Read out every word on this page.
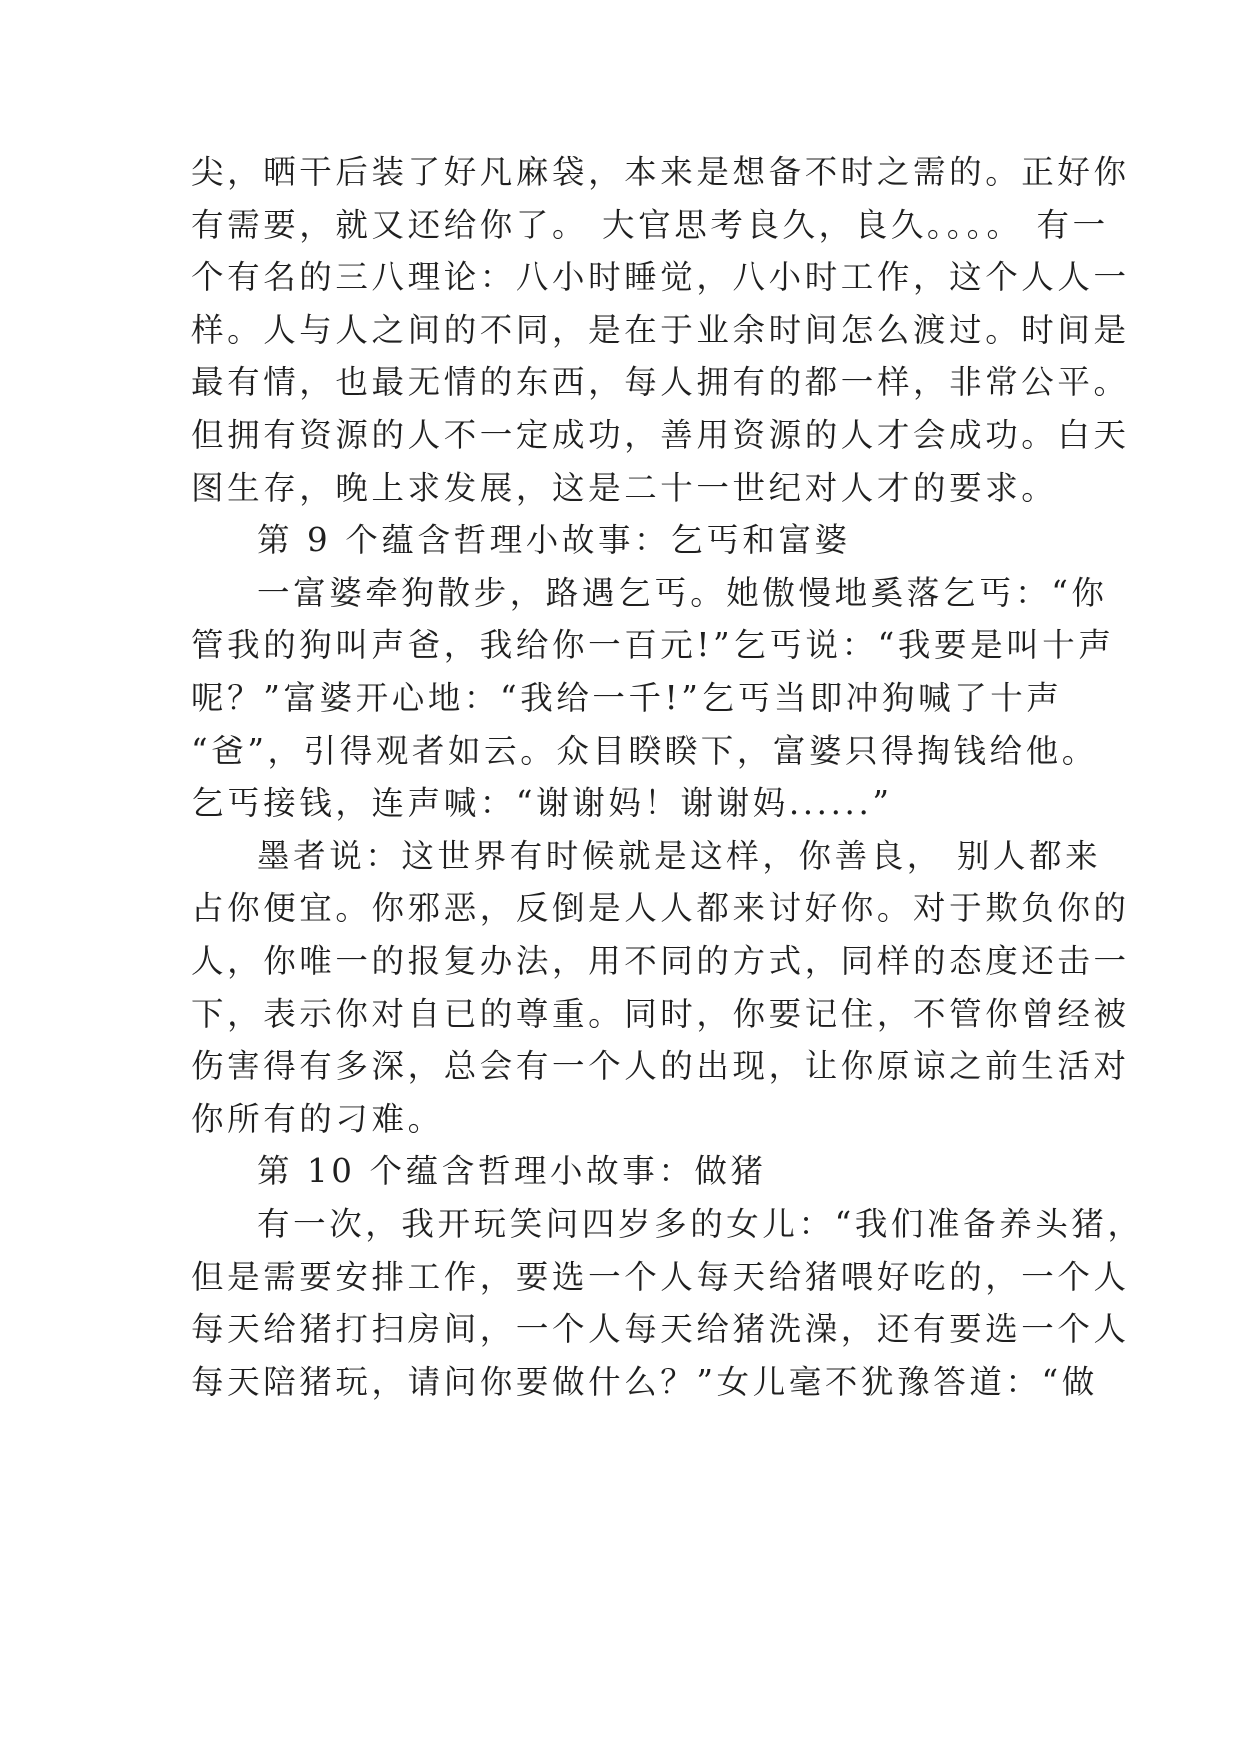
尖，晒干后装了好凡麻袋，本来是想备不时之需的。正好你
有需要，就又还给你了。 大官思考良久，良久。。。。 有一
个有名的三八理论：八小时睡觉，八小时工作，这个人人一
样。人与人之间的不同，是在于业余时间怎么渡过。时间是
最有情，也最无情的东西，每人拥有的都一样，非常公平。
但拥有资源的人不一定成功，善用资源的人才会成功。白天
图生存，晚上求发展，这是二十一世纪对人才的要求。
第 9 个蕴含哲理小故事：乞丐和富婆
一富婆牵狗散步，路遇乞丐。她傲慢地奚落乞丐：“你
管我的狗叫声爸，我给你一百元!”乞丐说：“我要是叫十声
呢？”富婆开心地：“我给一千!”乞丐当即冲狗喊了十声
“爸”，引得观者如云。众目睽睽下，富婆只得掏钱给他。
乞丐接钱，连声喊：“谢谢妈！谢谢妈......”
墨者说：这世界有时候就是这样，你善良， 别人都来
占你便宜。你邪恶，反倒是人人都来讨好你。对于欺负你的
人，你唯一的报复办法，用不同的方式，同样的态度还击一
下，表示你对自已的尊重。同时，你要记住，不管你曾经被
伤害得有多深，总会有一个人的出现，让你原谅之前生活对
你所有的刁难。
第 10 个蕴含哲理小故事：做猪
有一次，我开玩笑问四岁多的女儿：“我们准备养头猪，
但是需要安排工作，要选一个人每天给猪喂好吃的，一个人
每天给猪打扫房间，一个人每天给猪洗澡，还有要选一个人
每天陪猪玩，请问你要做什么？”女儿毫不犹豫答道：“做
